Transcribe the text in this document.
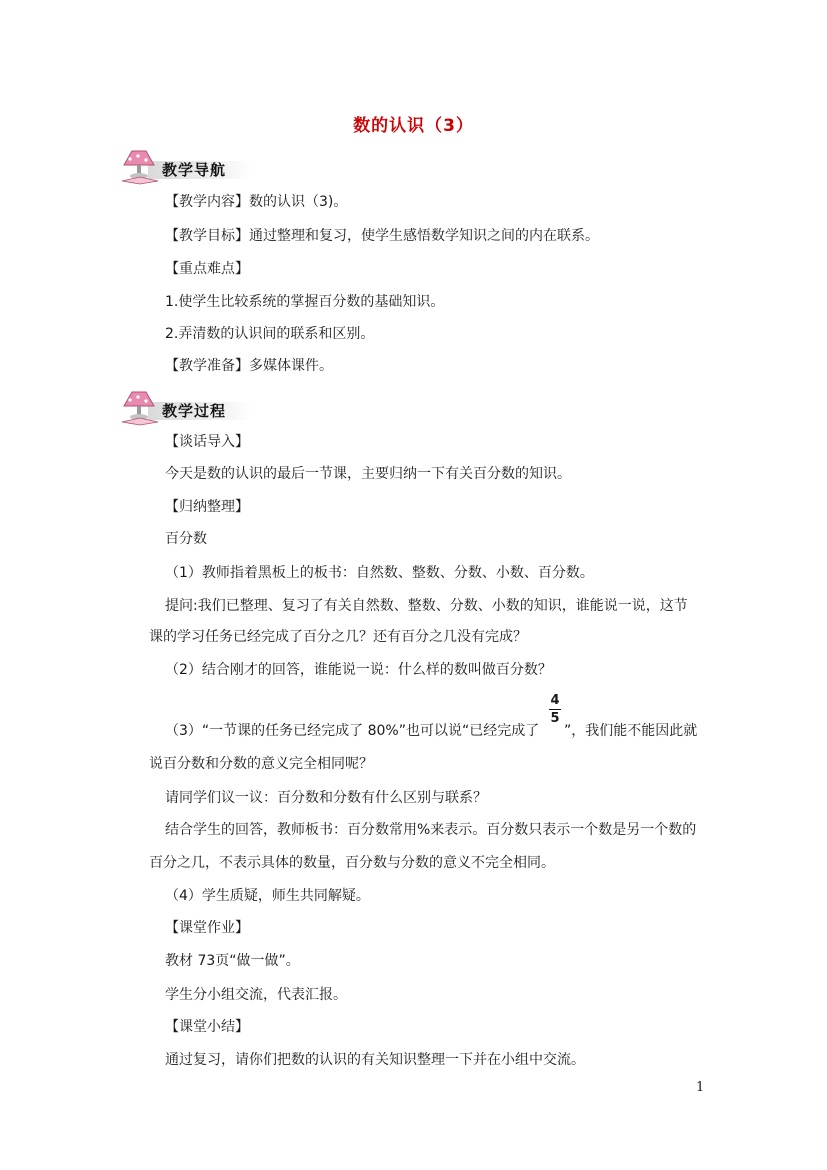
数的认识（3）
教学导航
【教学内容】数的认识（3)。
【教学目标】通过整理和复习，使学生感悟数学知识之间的内在联系。
【重点难点】
1.使学生比较系统的掌握百分数的基础知识。
2.弄清数的认识间的联系和区别。
【教学准备】多媒体课件。
教学过程
【谈话导入】
今天是数的认识的最后一节课，主要归纳一下有关百分数的知识。
【归纳整理】
百分数
（1）教师指着黑板上的板书：自然数、整数、分数、小数、百分数。
提问:我们已整理、复习了有关自然数、整数、分数、小数的知识，谁能说一说，这节
课的学习任务已经完成了百分之几？还有百分之几没有完成？
（2）结合刚才的回答，谁能说一说：什么样的数叫做百分数？
（3）“一节课的任务已经完成了 80%”也可以说“已经完成了
4
5
”，我们能不能因此就
说百分数和分数的意义完全相同呢？
请同学们议一议：百分数和分数有什么区别与联系？
结合学生的回答，教师板书：百分数常用%来表示。百分数只表示一个数是另一个数的
百分之几，不表示具体的数量，百分数与分数的意义不完全相同。
（4）学生质疑，师生共同解疑。
【课堂作业】
教材 73页“做一做”。
学生分小组交流，代表汇报。
【课堂小结】
通过复习，请你们把数的认识的有关知识整理一下并在小组中交流。
1
